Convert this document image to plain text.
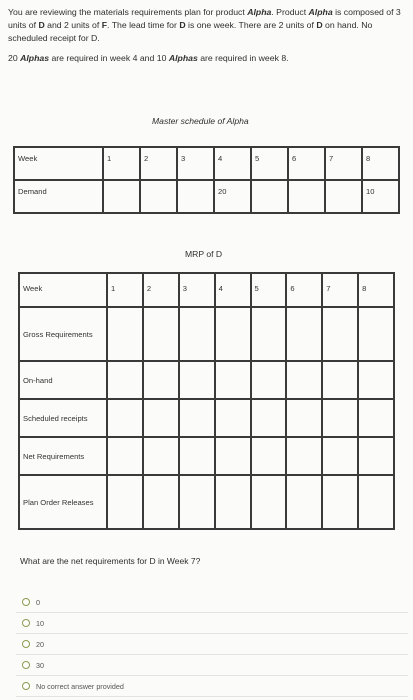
You are reviewing the materials requirements plan for product Alpha. Product Alpha is composed of 3 units of D and 2 units of F. The lead time for D is one week. There are 2 units of D on hand. No scheduled receipt for D.

20 Alphas are required in week 4 and 10 Alphas are required in week 8.

Master schedule of Alpha
Week	1	2	3	4	5	6	7	8
Demand				20				10
MRP of D
Week	1	2	3	4	5	6	7	8
Gross Requirements								
On-hand								
Scheduled receipts								
Net Requirements								
Plan Order Releases								
What are the net requirements for D in Week 7?
0
10
20
30
No correct answer provided
